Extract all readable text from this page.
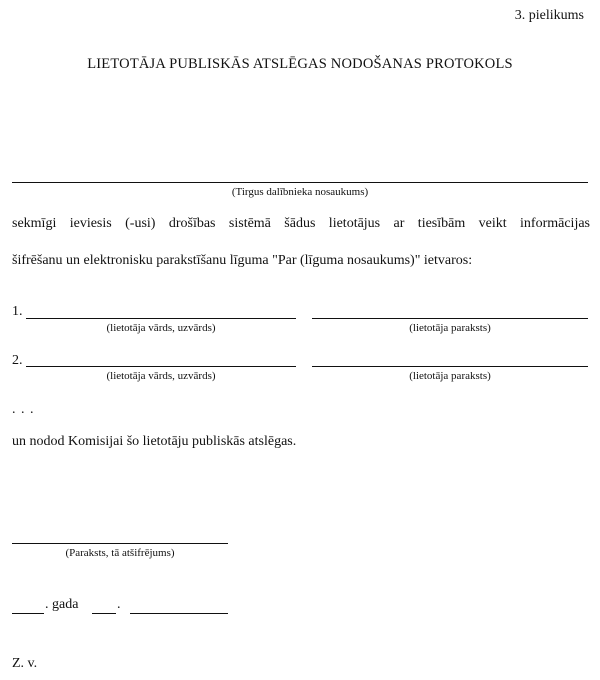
3. pielikums
LIETOTĀJA PUBLISKĀS ATSLĒGAS NODOŠANAS PROTOKOLS
(Tirgus dalībnieka nosaukums)
sekmīgi ieviesis (-usi) drošības sistēmā šādus lietotājus ar tiesībām veikt informācijas
šifrēšanu un elektronisku parakstīšanu līguma "Par (līguma nosaukums)" ietvaros:
1.
(lietotāja vārds, uzvārds)	(lietotāja paraksts)
2.
(lietotāja vārds, uzvārds)	(lietotāja paraksts)
. . .
un nodod Komisijai šo lietotāju publiskās atslēgas.
(Paraksts, tā atšifrējums)
. gada	.
Z. v.
